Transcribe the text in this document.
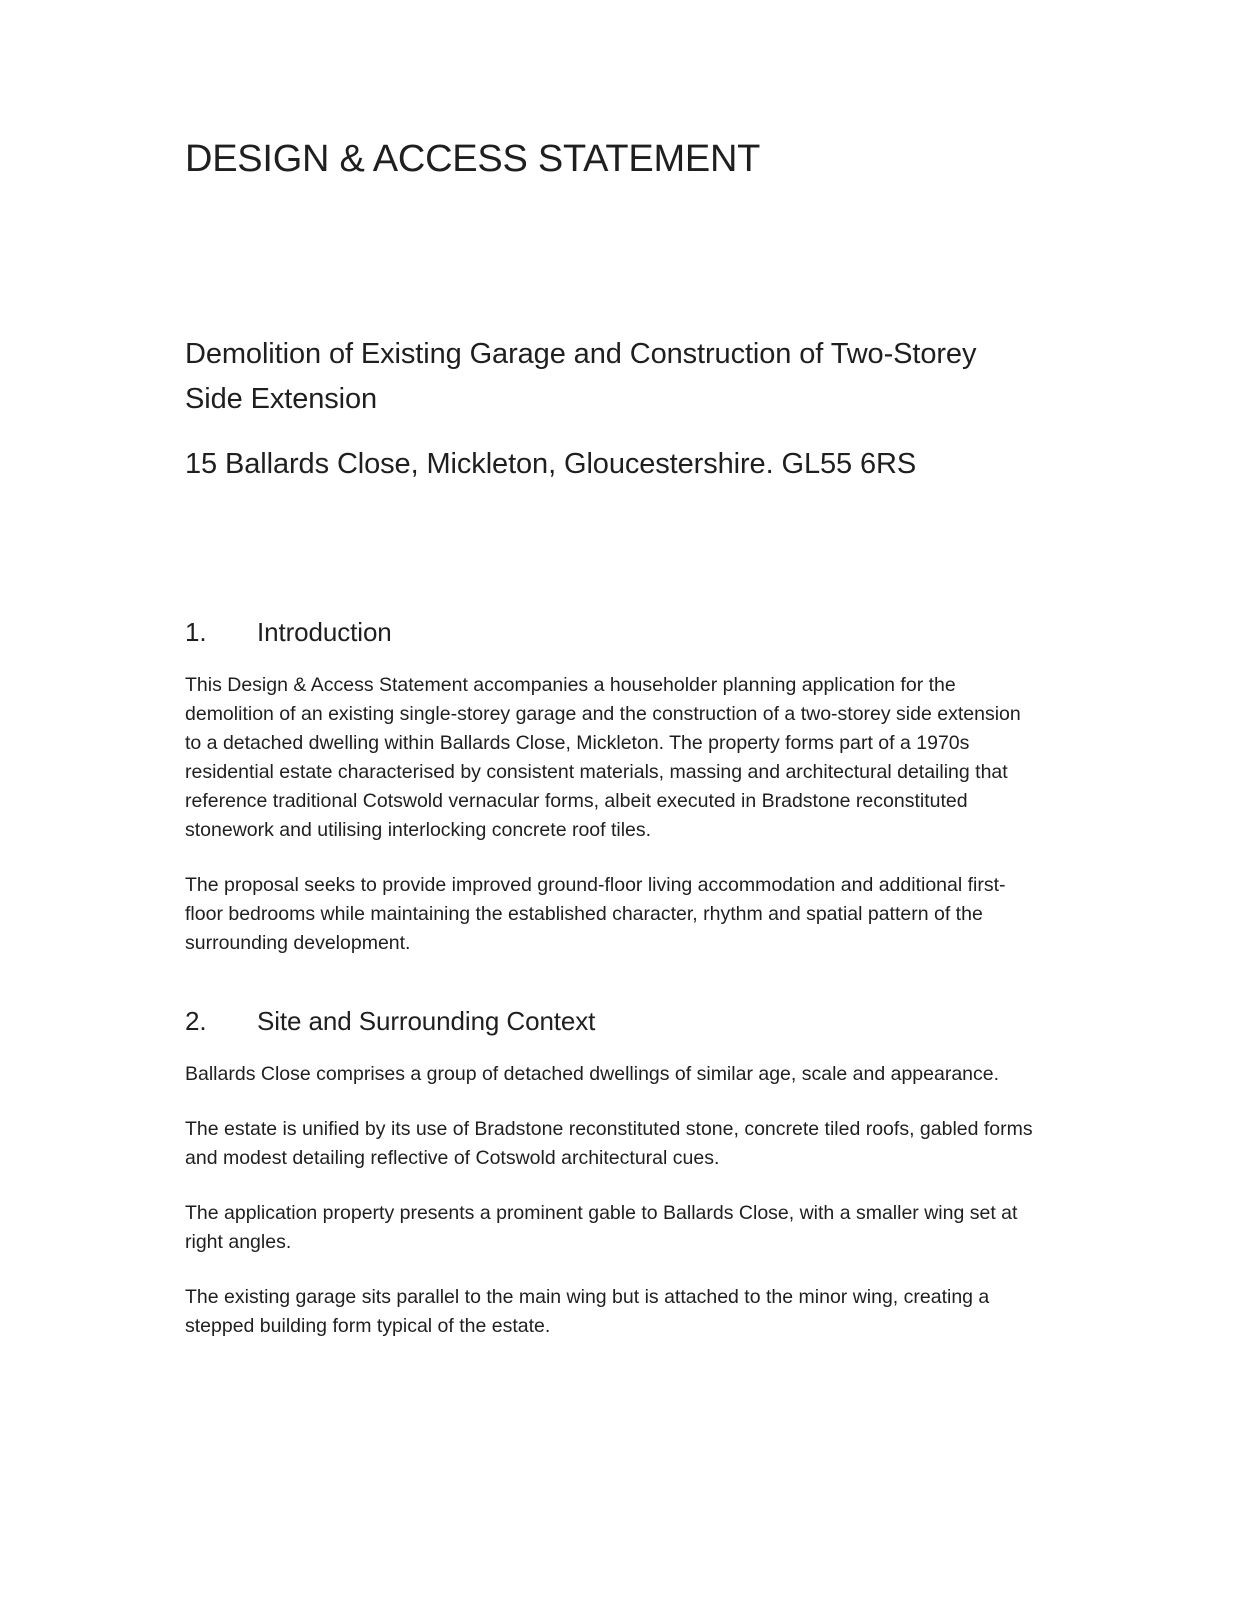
DESIGN & ACCESS STATEMENT
Demolition of Existing Garage and Construction of Two-Storey Side Extension
15 Ballards Close, Mickleton, Gloucestershire. GL55 6RS
1. Introduction

This Design & Access Statement accompanies a householder planning application for the demolition of an existing single-storey garage and the construction of a two-storey side extension to a detached dwelling within Ballards Close, Mickleton. The property forms part of a 1970s residential estate characterised by consistent materials, massing and architectural detailing that reference traditional Cotswold vernacular forms, albeit executed in Bradstone reconstituted stonework and utilising interlocking concrete roof tiles.

The proposal seeks to provide improved ground-floor living accommodation and additional first-floor bedrooms while maintaining the established character, rhythm and spatial pattern of the surrounding development.

2. Site and Surrounding Context

Ballards Close comprises a group of detached dwellings of similar age, scale and appearance.

The estate is unified by its use of Bradstone reconstituted stone, concrete tiled roofs, gabled forms and modest detailing reflective of Cotswold architectural cues.

The application property presents a prominent gable to Ballards Close, with a smaller wing set at right angles.

The existing garage sits parallel to the main wing but is attached to the minor wing, creating a stepped building form typical of the estate.
